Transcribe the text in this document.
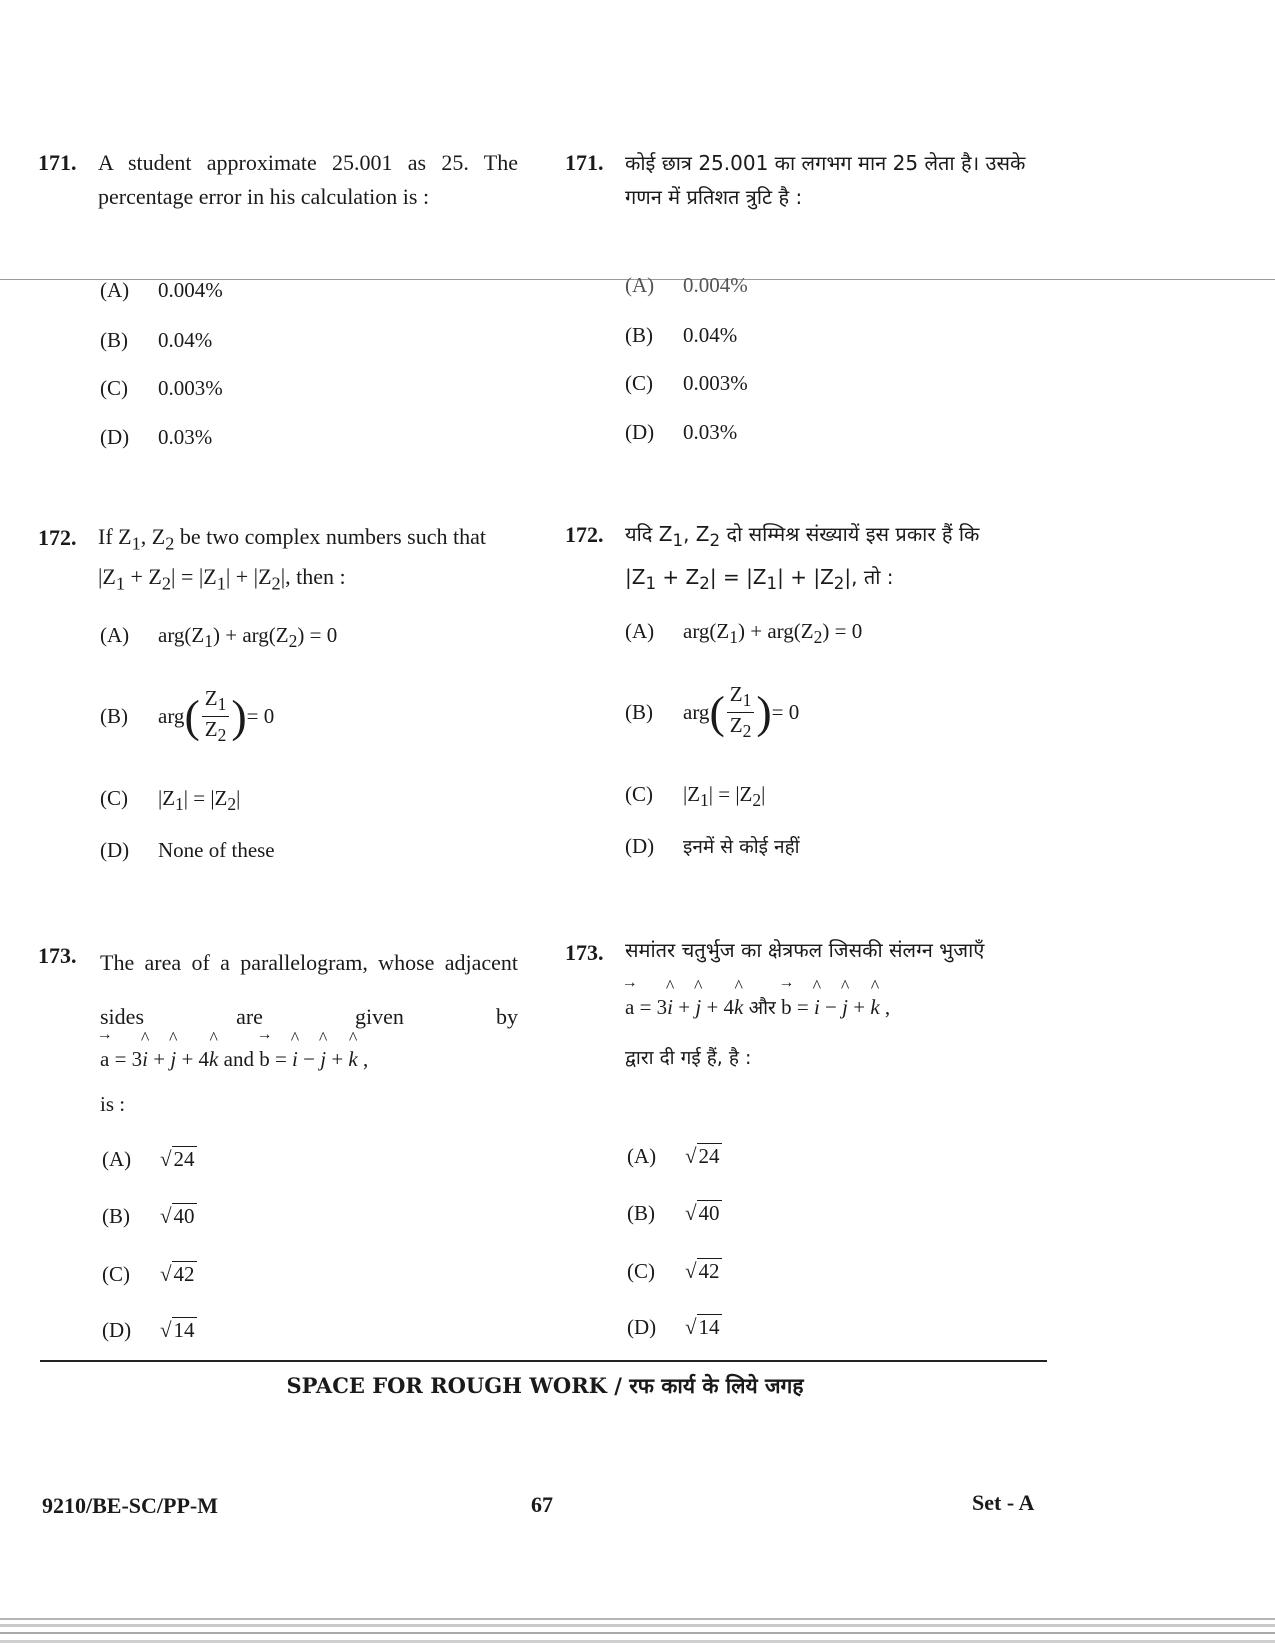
171. A student approximate 25.001 as 25. The percentage error in his calculation is :
171. कोई छात्र 25.001 का लगभग मान 25 लेता है। उसके गणन में प्रतिशत त्रुटि है :
(A) 0.004%
(B) 0.04%
(C) 0.003%
(D) 0.03%
(A) 0.004%
(B) 0.04%
(C) 0.003%
(D) 0.03%
172. If $Z_1$, $Z_2$ be two complex numbers such that $|Z_1 + Z_2| = |Z_1| + |Z_2|$, then :
172. यदि $Z_1$, $Z_2$ दो सम्मिश्र संख्यायें इस प्रकार हैं कि
$|Z_1 + Z_2| = |Z_1| + |Z_2|$, तो :
(A) $arg(Z_1) + arg(Z_2) = 0$
(B) $arg( \frac{Z_1}{Z_2}$ )= 0
(C) $|Z_1| = |Z_2|$
(D) None of these
(A) $arg(Z_1) + arg(Z_2) = 0$
(B) $arg( \frac{Z_1}{Z_2}$ )= 0
(C) $|Z_1| = |Z_2|$
(D) इनमें से कोई नहीं
173. The area of a parallelogram, whose adjacent sides are given by
→ a = 3^ i + ^ j + 4^ k and → b = ^ i − ^ j + ^ k ,
is :
173. समांतर चतुर्भुज का क्षेत्रफल जिसकी संलग्न भुजाएँ
→ a = 3^ i + ^ j + 4^ k और → b = ^ i − ^ j + ^ k ,
द्वारा दी गई हैं, है :
(A) √24
(B) √40
(C) √42
(D) √14
(A) √24
(B) √40
(C) √42
(D) √14
SPACE FOR ROUGH WORK / रफ कार्य के लिये जगह
9210/BE-SC/PP-M	67	Set - A
